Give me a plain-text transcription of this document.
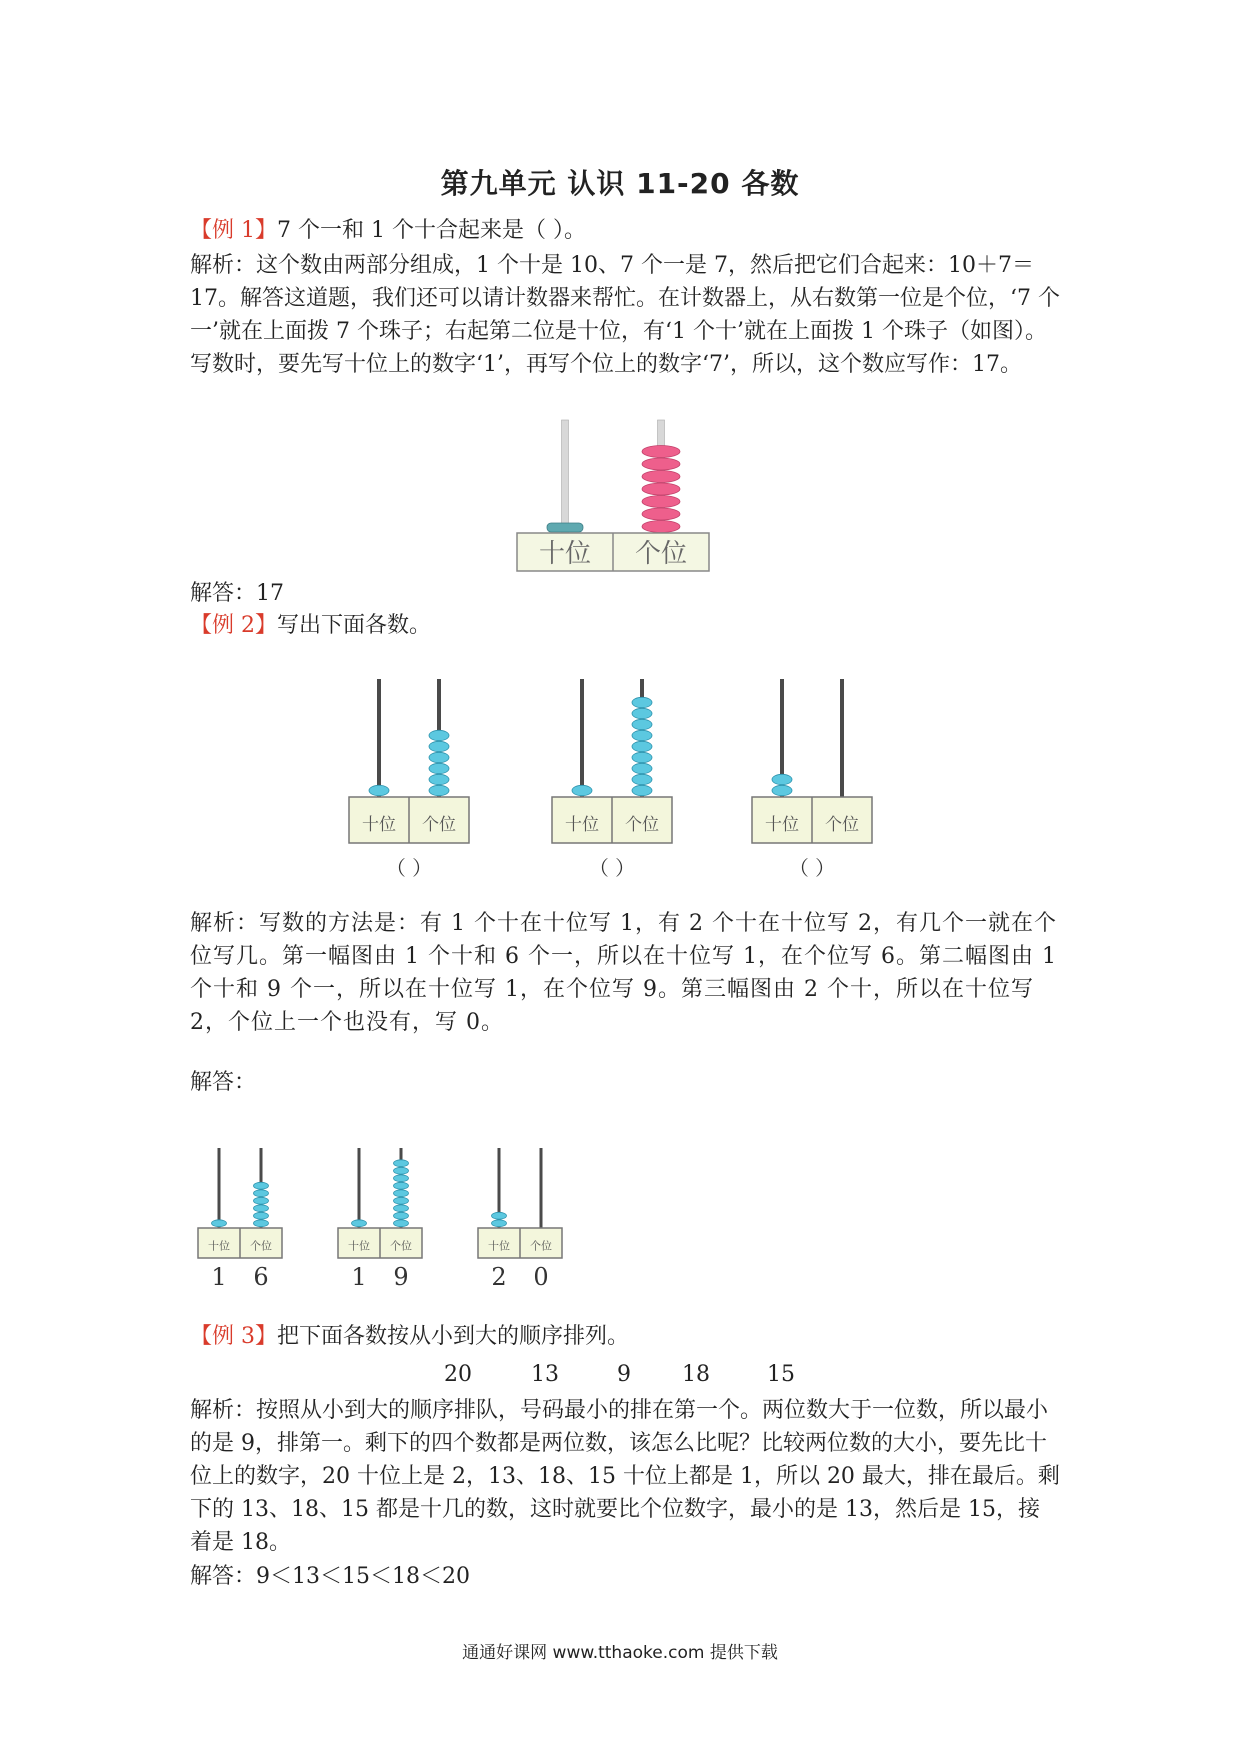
第九单元 认识 11-20 各数
【例 1】7 个一和 1 个十合起来是（ ）。
解析：这个数由两部分组成，1 个十是 10、7 个一是 7，然后把它们合起来：10＋7＝17。解答这道题，我们还可以请计数器来帮忙。在计数器上，从右数第一位是个位，‘7 个一’就在上面拨 7 个珠子；右起第二位是十位，有‘1 个十’就在上面拨 1 个珠子（如图）。写数时，要先写十位上的数字‘1’，再写个位上的数字‘7’，所以，这个数应写作：17。
十位 个位
解答：17
【例 2】写出下面各数。
十位 个位
（ ）
十位 个位
（ ）
十位 个位
（ ）
解析：写数的方法是：有 1 个十在十位写 1，有 2 个十在十位写 2，有几个一就在个位写几。第一幅图由 1 个十和 6 个一，所以在十位写 1，在个位写 6。第二幅图由 1 个十和 9 个一，所以在十位写 1，在个位写 9。第三幅图由 2 个十，所以在十位写 2，个位上一个也没有，写 0。
解答：
十位 个位
1 6
十位 个位
1 9
十位 个位
2 0
【例 3】把下面各数按从小到大的顺序排列。
20	13	9 18	15
解析：按照从小到大的顺序排队，号码最小的排在第一个。两位数大于一位数，所以最小的是 9，排第一。剩下的四个数都是两位数，该怎么比呢？比较两位数的大小，要先比十位上的数字，20 十位上是 2，13、18、15 十位上都是 1，所以 20 最大，排在最后。剩下的 13、18、15 都是十几的数，这时就要比个位数字，最小的是 13，然后是 15，接着是 18。
解答：9＜13＜15＜18＜20
通通好课网 www.tthaoke.com 提供下载
